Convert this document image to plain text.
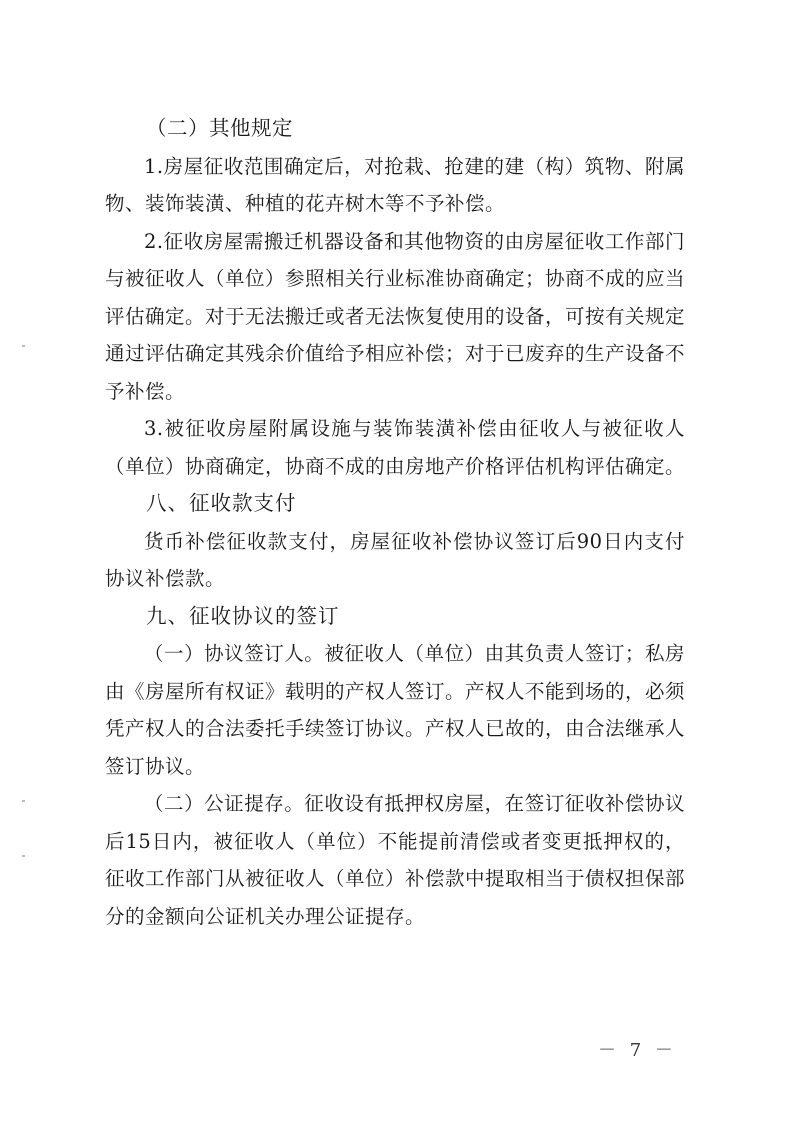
（二）其他规定

1.房屋征收范围确定后，对抢栽、抢建的建（构）筑物、附属物、装饰装潢、种植的花卉树木等不予补偿。

2.征收房屋需搬迁机器设备和其他物资的由房屋征收工作部门与被征收人（单位）参照相关行业标准协商确定；协商不成的应当评估确定。对于无法搬迁或者无法恢复使用的设备，可按有关规定通过评估确定其残余价值给予相应补偿；对于已废弃的生产设备不予补偿。

3.被征收房屋附属设施与装饰装潢补偿由征收人与被征收人（单位）协商确定，协商不成的由房地产价格评估机构评估确定。

八、征收款支付

货币补偿征收款支付，房屋征收补偿协议签订后90日内支付协议补偿款。

九、征收协议的签订

（一）协议签订人。被征收人（单位）由其负责人签订；私房由《房屋所有权证》载明的产权人签订。产权人不能到场的，必须凭产权人的合法委托手续签订协议。产权人已故的，由合法继承人签订协议。

（二）公证提存。征收设有抵押权房屋，在签订征收补偿协议后15日内，被征收人（单位）不能提前清偿或者变更抵押权的，征收工作部门从被征收人（单位）补偿款中提取相当于债权担保部分的金额向公证机关办理公证提存。

－ 7 －
